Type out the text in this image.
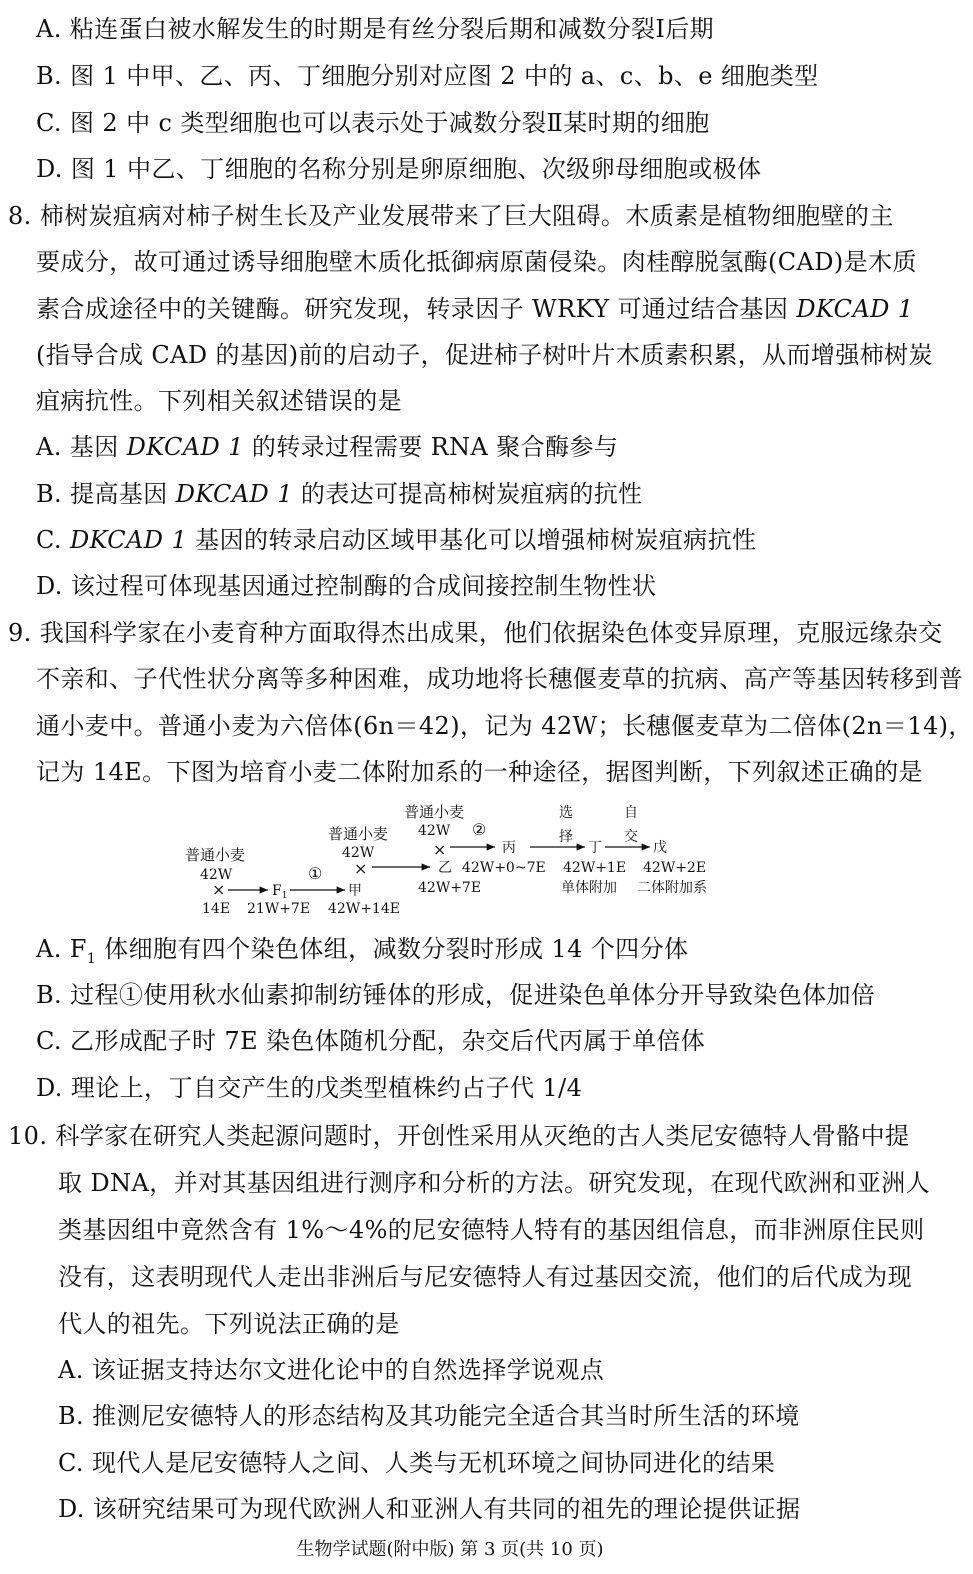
A. 粘连蛋白被水解发生的时期是有丝分裂后期和减数分裂Ⅰ后期
B. 图 1 中甲、乙、丙、丁细胞分别对应图 2 中的 a、c、b、e 细胞类型
C. 图 2 中 c 类型细胞也可以表示处于减数分裂Ⅱ某时期的细胞
D. 图 1 中乙、丁细胞的名称分别是卵原细胞、次级卵母细胞或极体
8. 柿树炭疽病对柿子树生长及产业发展带来了巨大阻碍。木质素是植物细胞壁的主
要成分，故可通过诱导细胞壁木质化抵御病原菌侵染。肉桂醇脱氢酶(CAD)是木质
素合成途径中的关键酶。研究发现，转录因子 WRKY 可通过结合基因 DKCAD 1
(指导合成 CAD 的基因)前的启动子，促进柿子树叶片木质素积累，从而增强柿树炭
疽病抗性。下列相关叙述错误的是
A. 基因 DKCAD 1 的转录过程需要 RNA 聚合酶参与
B. 提高基因 DKCAD 1 的表达可提高柿树炭疽病的抗性
C. DKCAD 1 基因的转录启动区域甲基化可以增强柿树炭疽病抗性
D. 该过程可体现基因通过控制酶的合成间接控制生物性状
9. 我国科学家在小麦育种方面取得杰出成果，他们依据染色体变异原理，克服远缘杂交
不亲和、子代性状分离等多种困难，成功地将长穗偃麦草的抗病、高产等基因转移到普
通小麦中。普通小麦为六倍体(6n＝42)，记为 42W；长穗偃麦草为二倍体(2n＝14)，
记为 14E。下图为培育小麦二体附加系的一种途径，据图判断，下列叙述正确的是
普通小麦
42W
×
14E
$F_1$
21W+7E
①
甲
42W+14E
普通小麦
42W
×	乙
42W+7E
普通小麦
42W ②
×	丙
42W+0~7E
选
择
丁
42W+1E
单体附加
自
交
戊
42W+2E
二体附加系
A. $F_1$ 体细胞有四个染色体组，减数分裂时形成 14 个四分体
B. 过程①使用秋水仙素抑制纺锤体的形成，促进染色单体分开导致染色体加倍
C. 乙形成配子时 7E 染色体随机分配，杂交后代丙属于单倍体
D. 理论上，丁自交产生的戊类型植株约占子代 1/4
10. 科学家在研究人类起源问题时，开创性采用从灭绝的古人类尼安德特人骨骼中提
取 DNA，并对其基因组进行测序和分析的方法。研究发现，在现代欧洲和亚洲人
类基因组中竟然含有 1%～4%的尼安德特人特有的基因组信息，而非洲原住民则
没有，这表明现代人走出非洲后与尼安德特人有过基因交流，他们的后代成为现
代人的祖先。下列说法正确的是
A. 该证据支持达尔文进化论中的自然选择学说观点
B. 推测尼安德特人的形态结构及其功能完全适合其当时所生活的环境
C. 现代人是尼安德特人之间、人类与无机环境之间协同进化的结果
D. 该研究结果可为现代欧洲人和亚洲人有共同的祖先的理论提供证据
生物学试题(附中版) 第 3 页(共 10 页)
